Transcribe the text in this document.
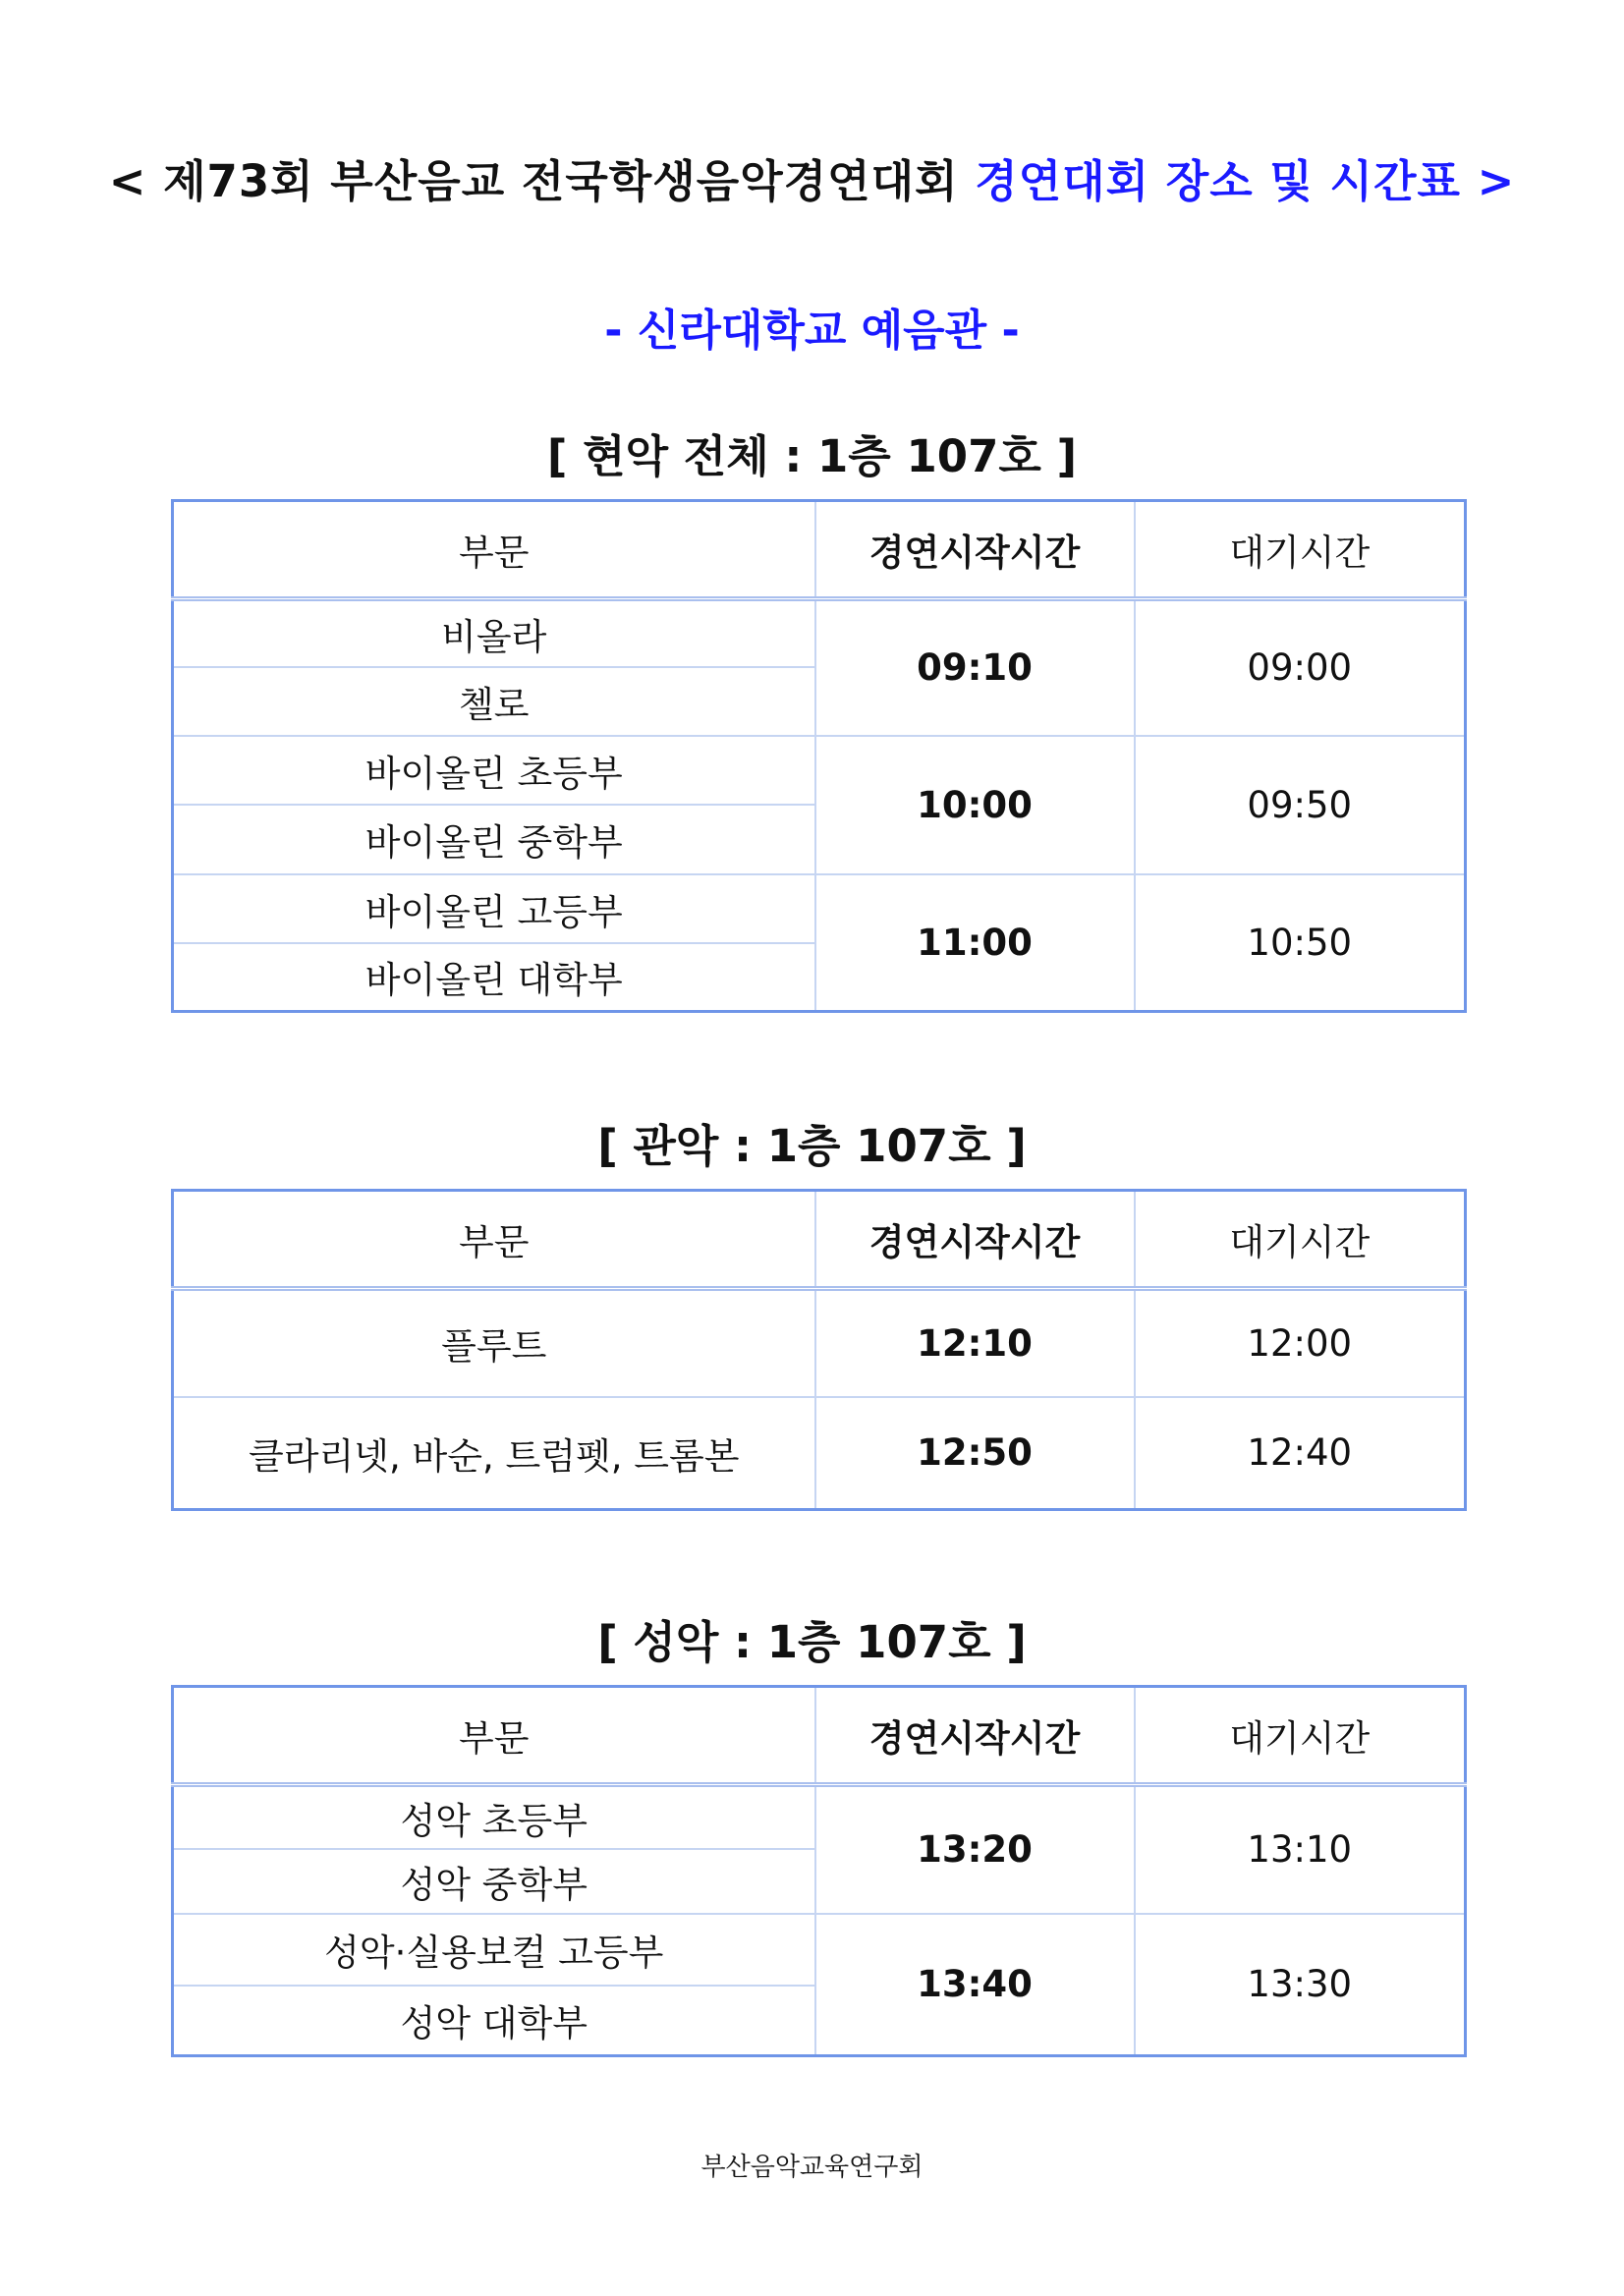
< 제73회 부산음교 전국학생음악경연대회 경연대회 장소 및 시간표 >
- 신라대학교 예음관 -
[ 현악 전체 : 1층 107호 ]
부문	경연시작시간	대기시간
비올라	09:10	09:00
첼로		
바이올린 초등부	10:00	09:50
바이올린 중학부		
바이올린 고등부	11:00	10:50
바이올린 대학부		
[ 관악 : 1층 107호 ]
부문	경연시작시간	대기시간
플루트	12:10	12:00
클라리넷, 바순, 트럼펫, 트롬본	12:50	12:40
[ 성악 : 1층 107호 ]
부문	경연시작시간	대기시간
성악 초등부	13:20	13:10
성악 중학부		
성악·실용보컬 고등부	13:40	13:30
성악 대학부		
부산음악교육연구회
